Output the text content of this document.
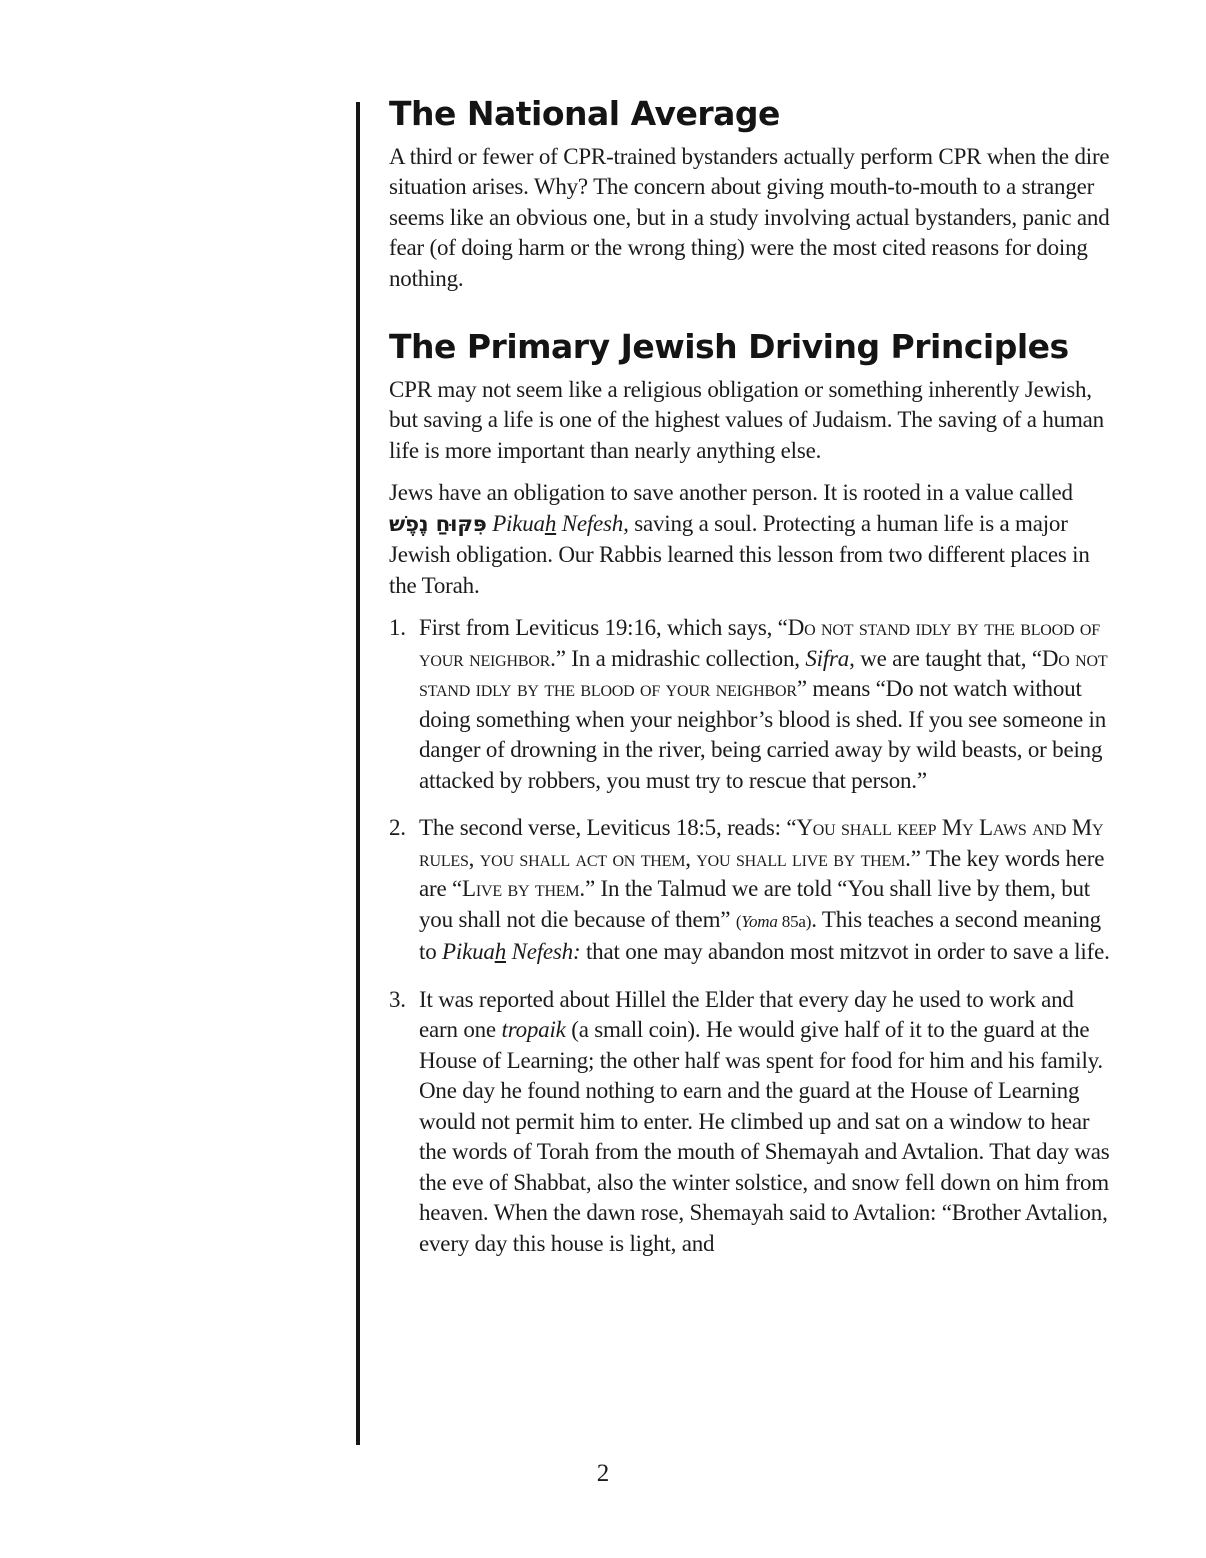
The National Average

A third or fewer of CPR-trained bystanders actually perform CPR when the dire situation arises. Why? The concern about giving mouth-to-mouth to a stranger seems like an obvious one, but in a study involving actual bystanders, panic and fear (of doing harm or the wrong thing) were the most cited reasons for doing nothing.

The Primary Jewish Driving Principles

CPR may not seem like a religious obligation or something inherently Jewish, but saving a life is one of the highest values of Judaism. The saving of a human life is more important than nearly anything else.

Jews have an obligation to save another person. It is rooted in a value called פִּקּוּחַ נֶפֶשׁ Pikuah Nefesh, saving a soul. Protecting a human life is a major Jewish obligation. Our Rabbis learned this lesson from two different places in the Torah.

1. First from Leviticus 19:16, which says, “Do not stand idly by the blood of your neighbor.” In a midrashic collection, Sifra, we are taught that, “Do not stand idly by the blood of your neighbor” means “Do not watch without doing something when your neighbor’s blood is shed. If you see someone in danger of drowning in the river, being carried away by wild beasts, or being attacked by robbers, you must try to rescue that person.”
2. The second verse, Leviticus 18:5, reads: “You shall keep My Laws and My rules, you shall act on them, you shall live by them.” The key words here are “Live by them.” In the Talmud we are told “You shall live by them, but you shall not die because of them” (Yoma 85a). This teaches a second meaning to Pikuah Nefesh: that one may abandon most mitzvot in order to save a life.
3. It was reported about Hillel the Elder that every day he used to work and earn one tropaik (a small coin). He would give half of it to the guard at the House of Learning; the other half was spent for food for him and his family. One day he found nothing to earn and the guard at the House of Learning would not permit him to enter. He climbed up and sat on a window to hear the words of Torah from the mouth of Shemayah and Avtalion. That day was the eve of Shabbat, also the winter solstice, and snow fell down on him from heaven. When the dawn rose, Shemayah said to Avtalion: “Brother Avtalion, every day this house is light, and
2
